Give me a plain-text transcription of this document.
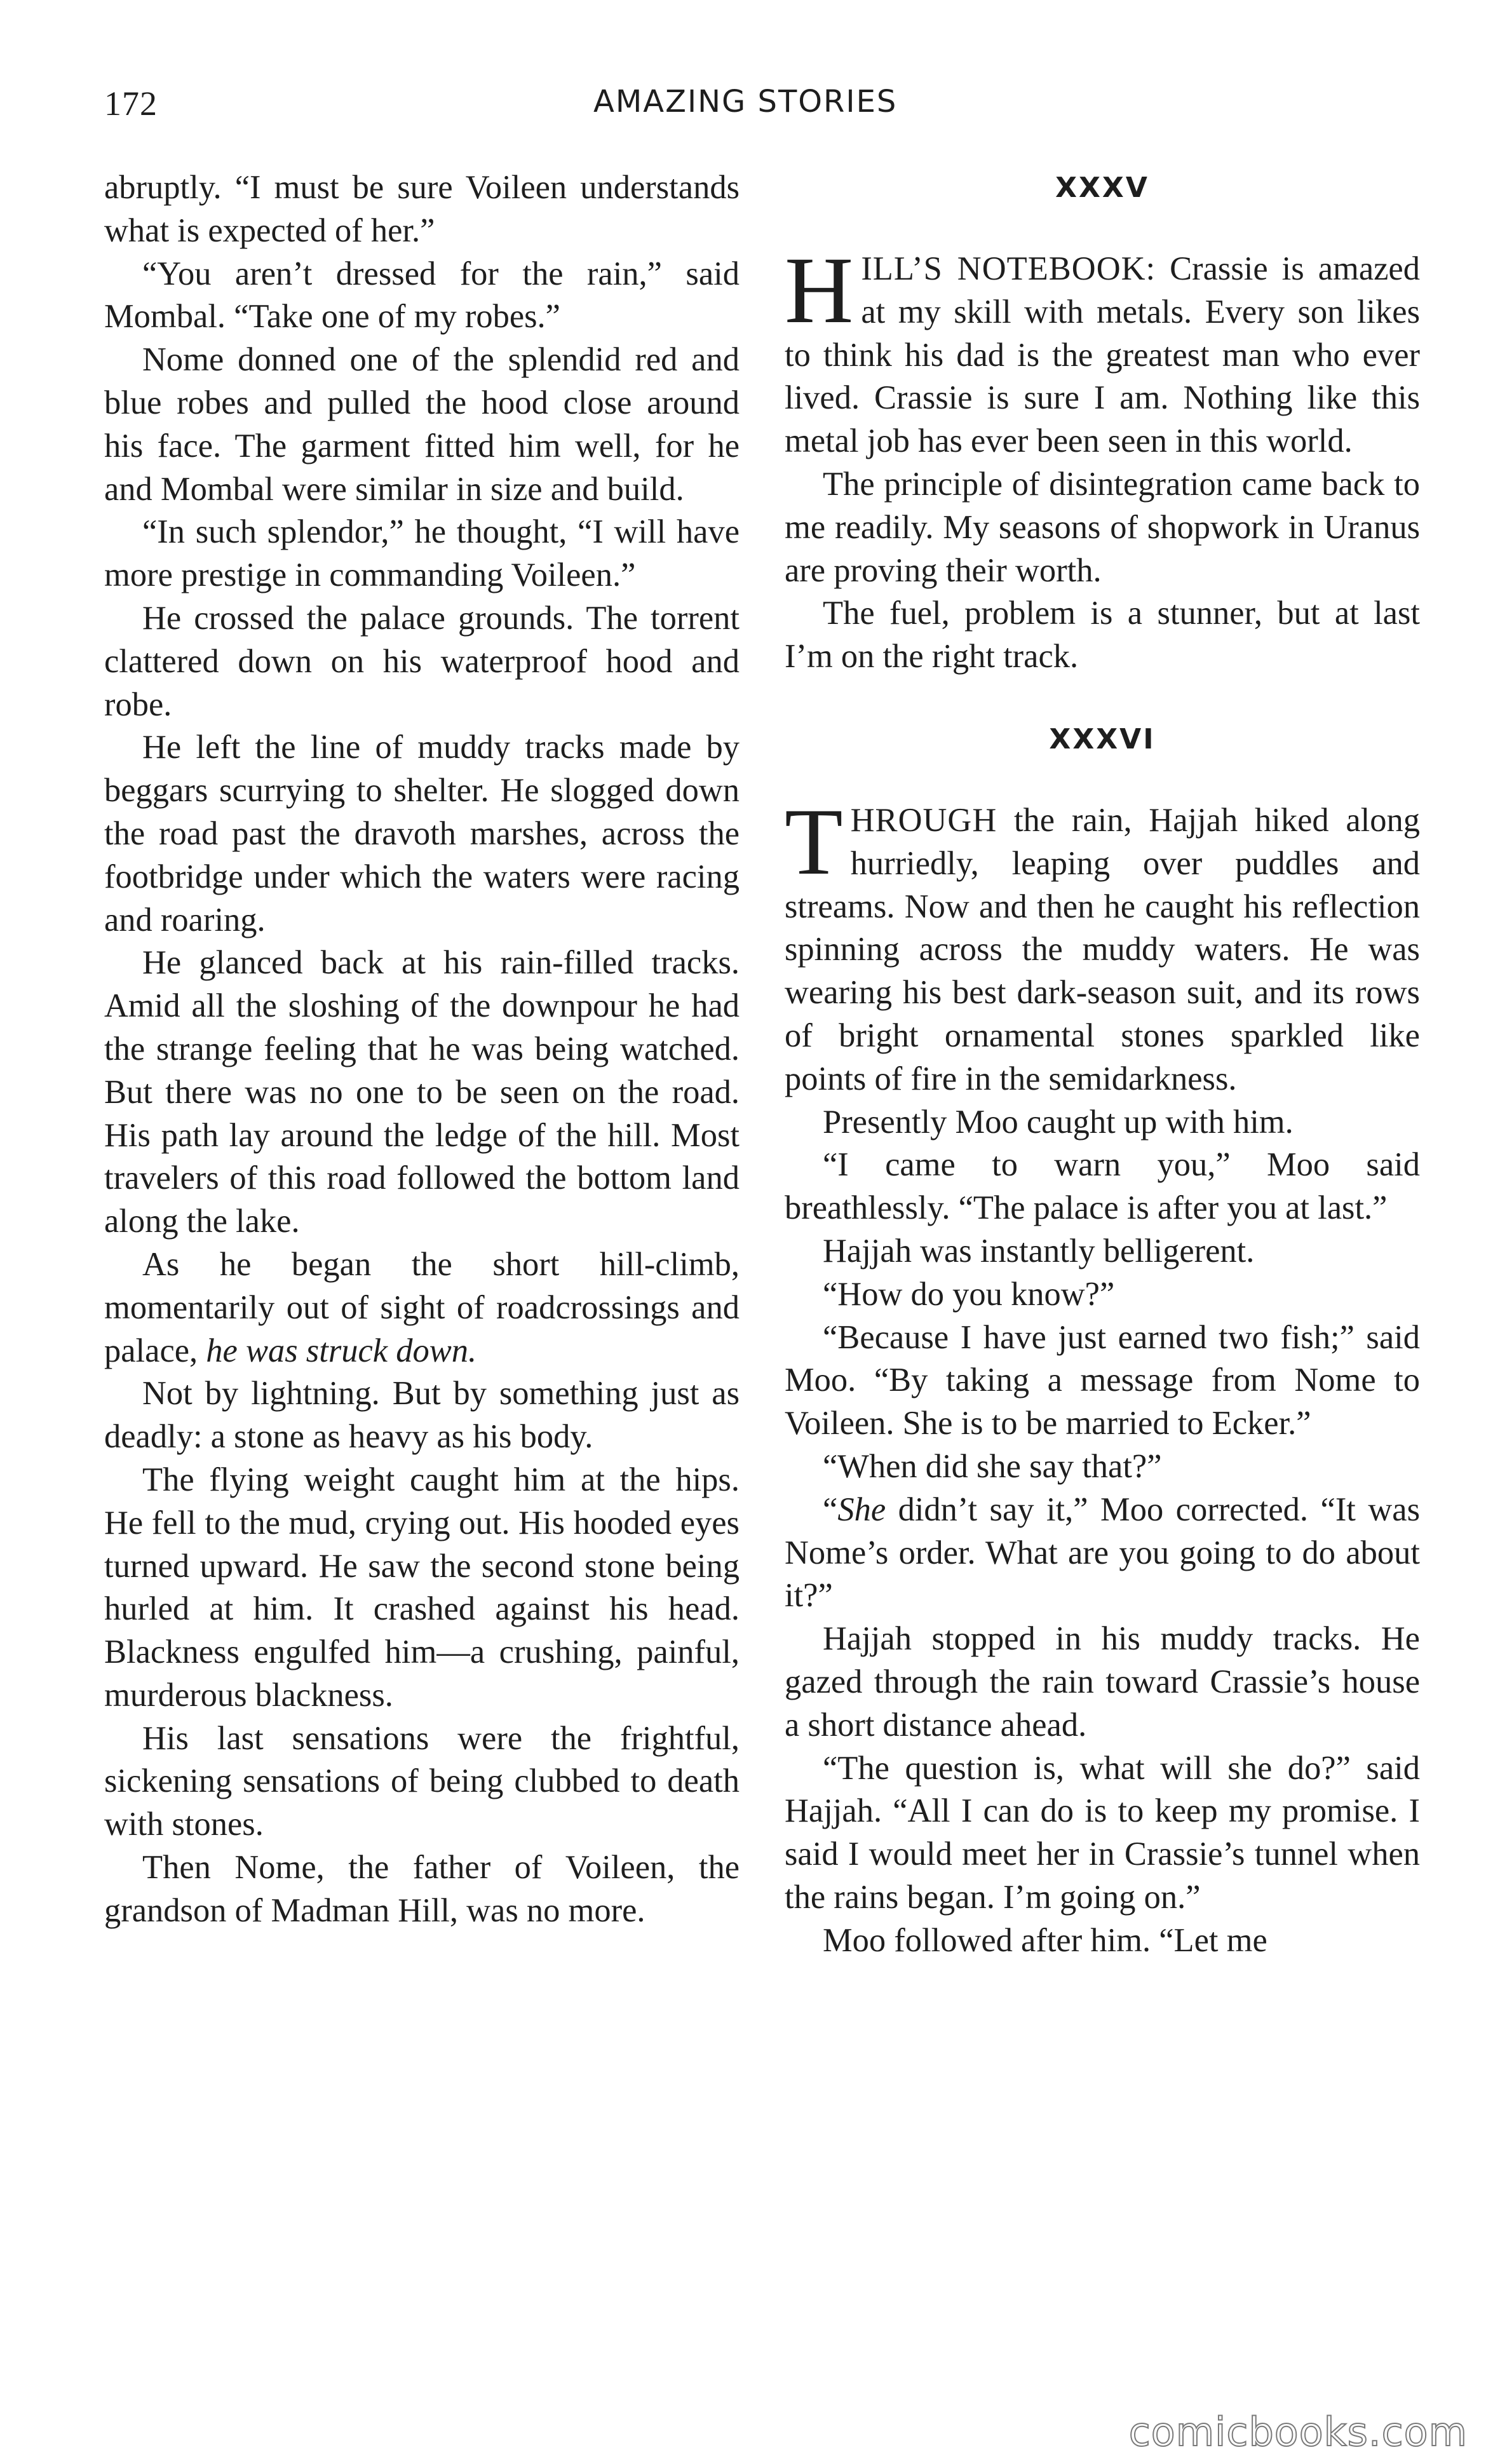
172	AMAZING STORIES

abruptly. “I must be sure Voileen understands what is expected of her.”

“You aren’t dressed for the rain,” said Mombal. “Take one of my robes.”

Nome donned one of the splendid red and blue robes and pulled the hood close around his face. The garment fitted him well, for he and Mombal were similar in size and build.

“In such splendor,” he thought, “I will have more prestige in commanding Voileen.”

He crossed the palace grounds. The torrent clattered down on his waterproof hood and robe.

He left the line of muddy tracks made by beggars scurrying to shelter. He slogged down the road past the dravoth marshes, across the footbridge under which the waters were racing and roaring.

He glanced back at his rain-filled tracks. Amid all the sloshing of the downpour he had the strange feeling that he was being watched. But there was no one to be seen on the road. His path lay around the ledge of the hill. Most travelers of this road followed the bottom land along the lake.

As he began the short hill-climb, momentarily out of sight of roadcrossings and palace, he was struck down.

Not by lightning. But by something just as deadly: a stone as heavy as his body.

The flying weight caught him at the hips. He fell to the mud, crying out. His hooded eyes turned upward. He saw the second stone being hurled at him. It crashed against his head. Blackness engulfed him—a crushing, painful, murderous blackness.

His last sensations were the frightful, sickening sensations of being clubbed to death with stones.

Then Nome, the father of Voileen, the grandson of Madman Hill, was no more.

XXXV

HILL’S NOTEBOOK: Crassie is amazed at my skill with metals. Every son likes to think his dad is the greatest man who ever lived. Crassie is sure I am. Nothing like this metal job has ever been seen in this world.

The principle of disintegration came back to me readily. My seasons of shopwork in Uranus are proving their worth.

The fuel, problem is a stunner, but at last I’m on the right track.

XXXVI

THROUGH the rain, Hajjah hiked along hurriedly, leaping over puddles and streams. Now and then he caught his reflection spinning across the muddy waters. He was wearing his best dark-season suit, and its rows of bright ornamental stones sparkled like points of fire in the semidarkness.

Presently Moo caught up with him.

“I came to warn you,” Moo said breathlessly. “The palace is after you at last.”

Hajjah was instantly belligerent.

“How do you know?”

“Because I have just earned two fish;” said Moo. “By taking a message from Nome to Voileen. She is to be married to Ecker.”

“When did she say that?”

“She didn’t say it,” Moo corrected. “It was Nome’s order. What are you going to do about it?”

Hajjah stopped in his muddy tracks. He gazed through the rain toward Crassie’s house a short distance ahead.

“The question is, what will she do?” said Hajjah. “All I can do is to keep my promise. I said I would meet her in Crassie’s tunnel when the rains began. I’m going on.”

Moo followed after him. “Let me

comicbooks.com
